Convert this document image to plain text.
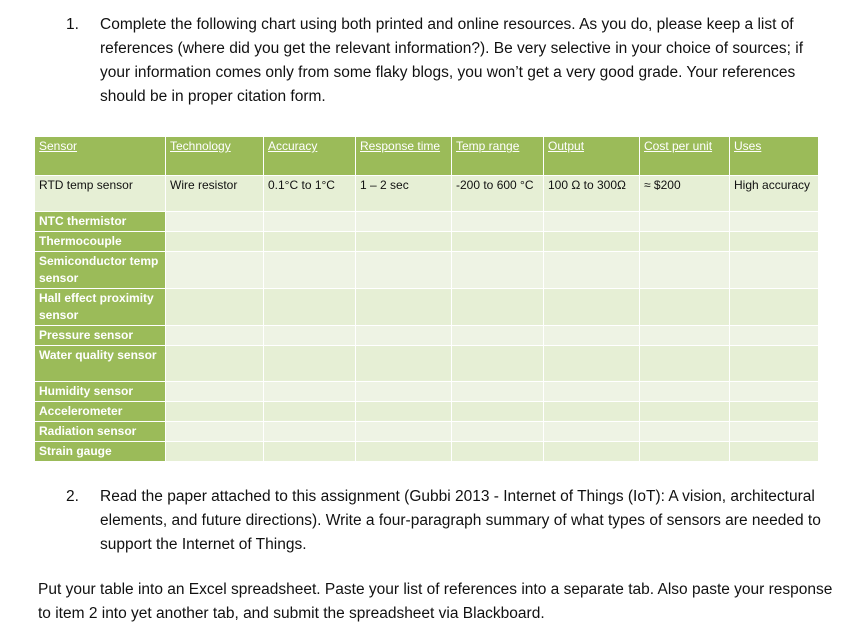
1. Complete the following chart using both printed and online resources. As you do, please keep a list of references (where did you get the relevant information?). Be very selective in your choice of sources; if your information comes only from some flaky blogs, you won’t get a very good grade. Your references should be in proper citation form.
Sensor	Technology	Accuracy	Response time	Temp range	Output	Cost per unit	Uses
RTD temp sensor	Wire resistor	0.1°C to 1°C	1 – 2 sec	-200 to 600 °C	100 Ω to 300Ω	≈ $200	High accuracy
NTC thermistor							
Thermocouple							
Semiconductor temp sensor							
Hall effect proximity sensor							
Pressure sensor							
Water quality sensor							
Humidity sensor							
Accelerometer							
Radiation sensor							
Strain gauge							
2. Read the paper attached to this assignment (Gubbi 2013 - Internet of Things (IoT): A vision, architectural elements, and future directions). Write a four-paragraph summary of what types of sensors are needed to support the Internet of Things.
Put your table into an Excel spreadsheet. Paste your list of references into a separate tab. Also paste your response to item 2 into yet another tab, and submit the spreadsheet via Blackboard.
